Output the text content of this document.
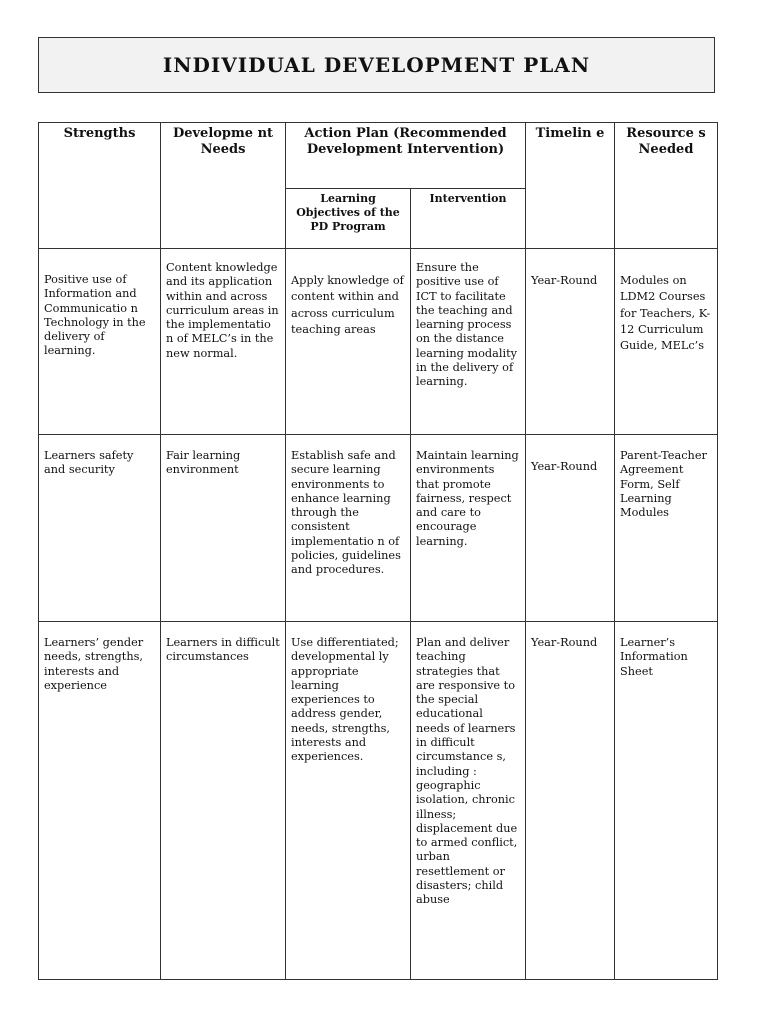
INDIVIDUAL DEVELOPMENT PLAN
Strengths	Developme nt Needs	Action Plan (Recommended Development Intervention)		Timelin e	Resource s Needed
		Learning Objectives of the PD Program	Intervention		
Positive use of Information and Communicatio n Technology in the delivery of learning.	Content knowledge and its application within and across curriculum areas in the implementatio n of MELC’s in the new normal.	Apply knowledge of content within and across curriculum teaching areas	Ensure the positive use of ICT to facilitate the teaching and learning process on the distance learning modality in the delivery of learning.	Year-Round	Modules on LDM2 Courses for Teachers, K-12 Curriculum Guide, MELc’s
Learners safety and security	Fair learning environment	Establish safe and secure learning environments to enhance learning through the consistent implementatio n of policies, guidelines and procedures.	Maintain learning environments that promote fairness, respect and care to encourage learning.	Year-Round	Parent-Teacher Agreement Form, Self Learning Modules
Learners’ gender needs, strengths, interests and experience	Learners in difficult circumstances	Use differentiated; developmental ly appropriate learning experiences to address gender, needs, strengths, interests and experiences.	Plan and deliver teaching strategies that are responsive to the special educational needs of learners in difficult circumstance s, including : geographic isolation, chronic illness; displacement due to armed conflict, urban resettlement or disasters; child abuse	Year-Round	Learner’s Information Sheet
